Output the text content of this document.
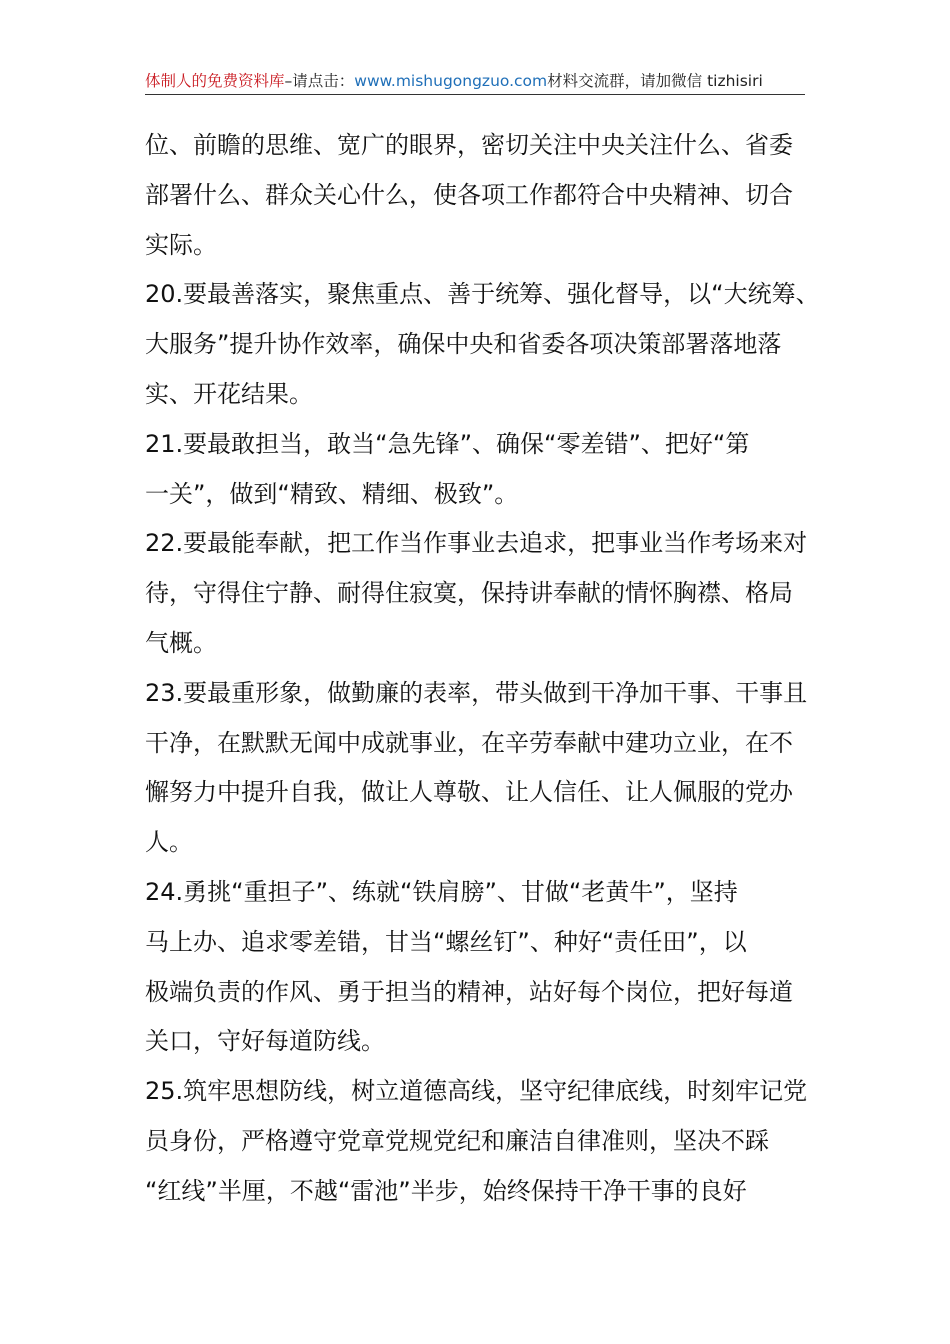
体制人的免费资料库–请点击：www.mishugongzuo.com材料交流群，请加微信 tizhisiri
位、前瞻的思维、宽广的眼界，密切关注中央关注什么、省委
部署什么、群众关心什么，使各项工作都符合中央精神、切合
实际。
20.要最善落实，聚焦重点、善于统筹、强化督导，以“大统筹、
大服务”提升协作效率，确保中央和省委各项决策部署落地落
实、开花结果。
21.要最敢担当，敢当“急先锋”、确保“零差错”、把好“第
一关”，做到“精致、精细、极致”。
22.要最能奉献，把工作当作事业去追求，把事业当作考场来对
待，守得住宁静、耐得住寂寞，保持讲奉献的情怀胸襟、格局
气概。
23.要最重形象，做勤廉的表率，带头做到干净加干事、干事且
干净，在默默无闻中成就事业，在辛劳奉献中建功立业，在不
懈努力中提升自我，做让人尊敬、让人信任、让人佩服的党办
人。
24.勇挑“重担子”、练就“铁肩膀”、甘做“老黄牛”，坚持
马上办、追求零差错，甘当“螺丝钉”、种好“责任田”，以
极端负责的作风、勇于担当的精神，站好每个岗位，把好每道
关口，守好每道防线。
25.筑牢思想防线，树立道德高线，坚守纪律底线，时刻牢记党
员身份，严格遵守党章党规党纪和廉洁自律准则，坚决不踩
“红线”半厘，不越“雷池”半步，始终保持干净干事的良好
